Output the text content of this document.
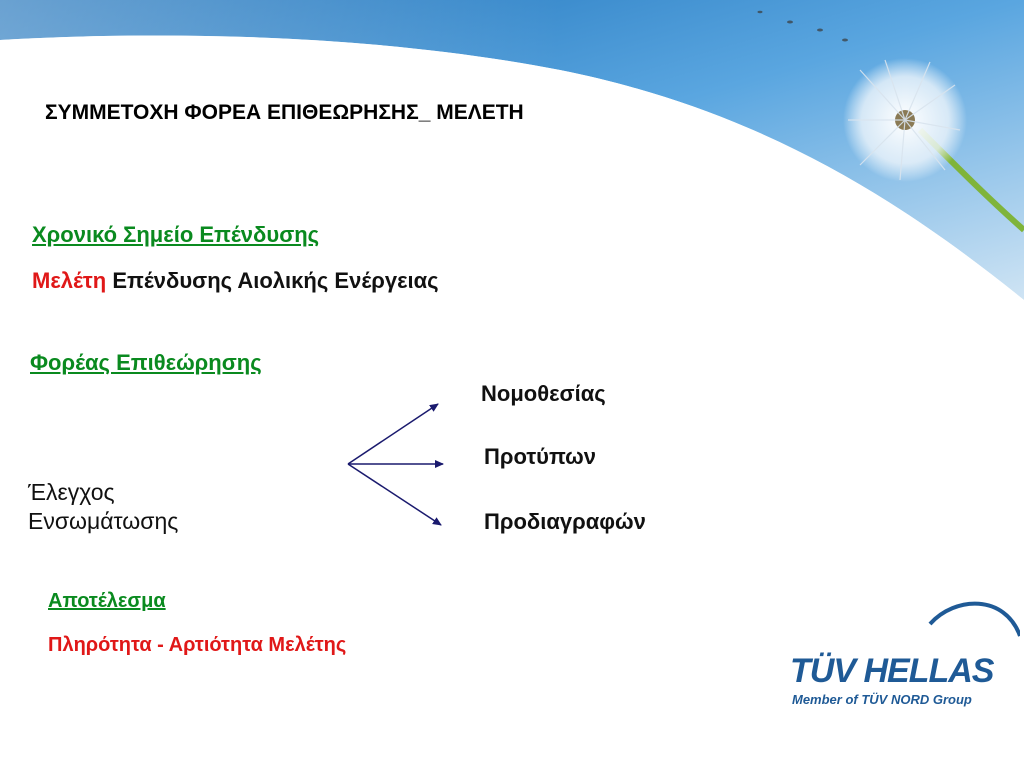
ΣΥΜΜΕΤΟΧΗ ΦΟΡΕΑ ΕΠΙΘΕΩΡΗΣΗΣ_ ΜΕΛΕΤΗ
Χρονικό Σημείο Επένδυσης
Μελέτη Επένδυσης Αιολικής Ενέργειας
Φορέας Επιθεώρησης
Έλεγχος Ενσωμάτωσης
Νομοθεσίας
Προτύπων
Προδιαγραφών
Αποτέλεσμα
Πληρότητα - Αρτιότητα Μελέτης
TÜV HELLAS
Member of TÜV NORD Group
